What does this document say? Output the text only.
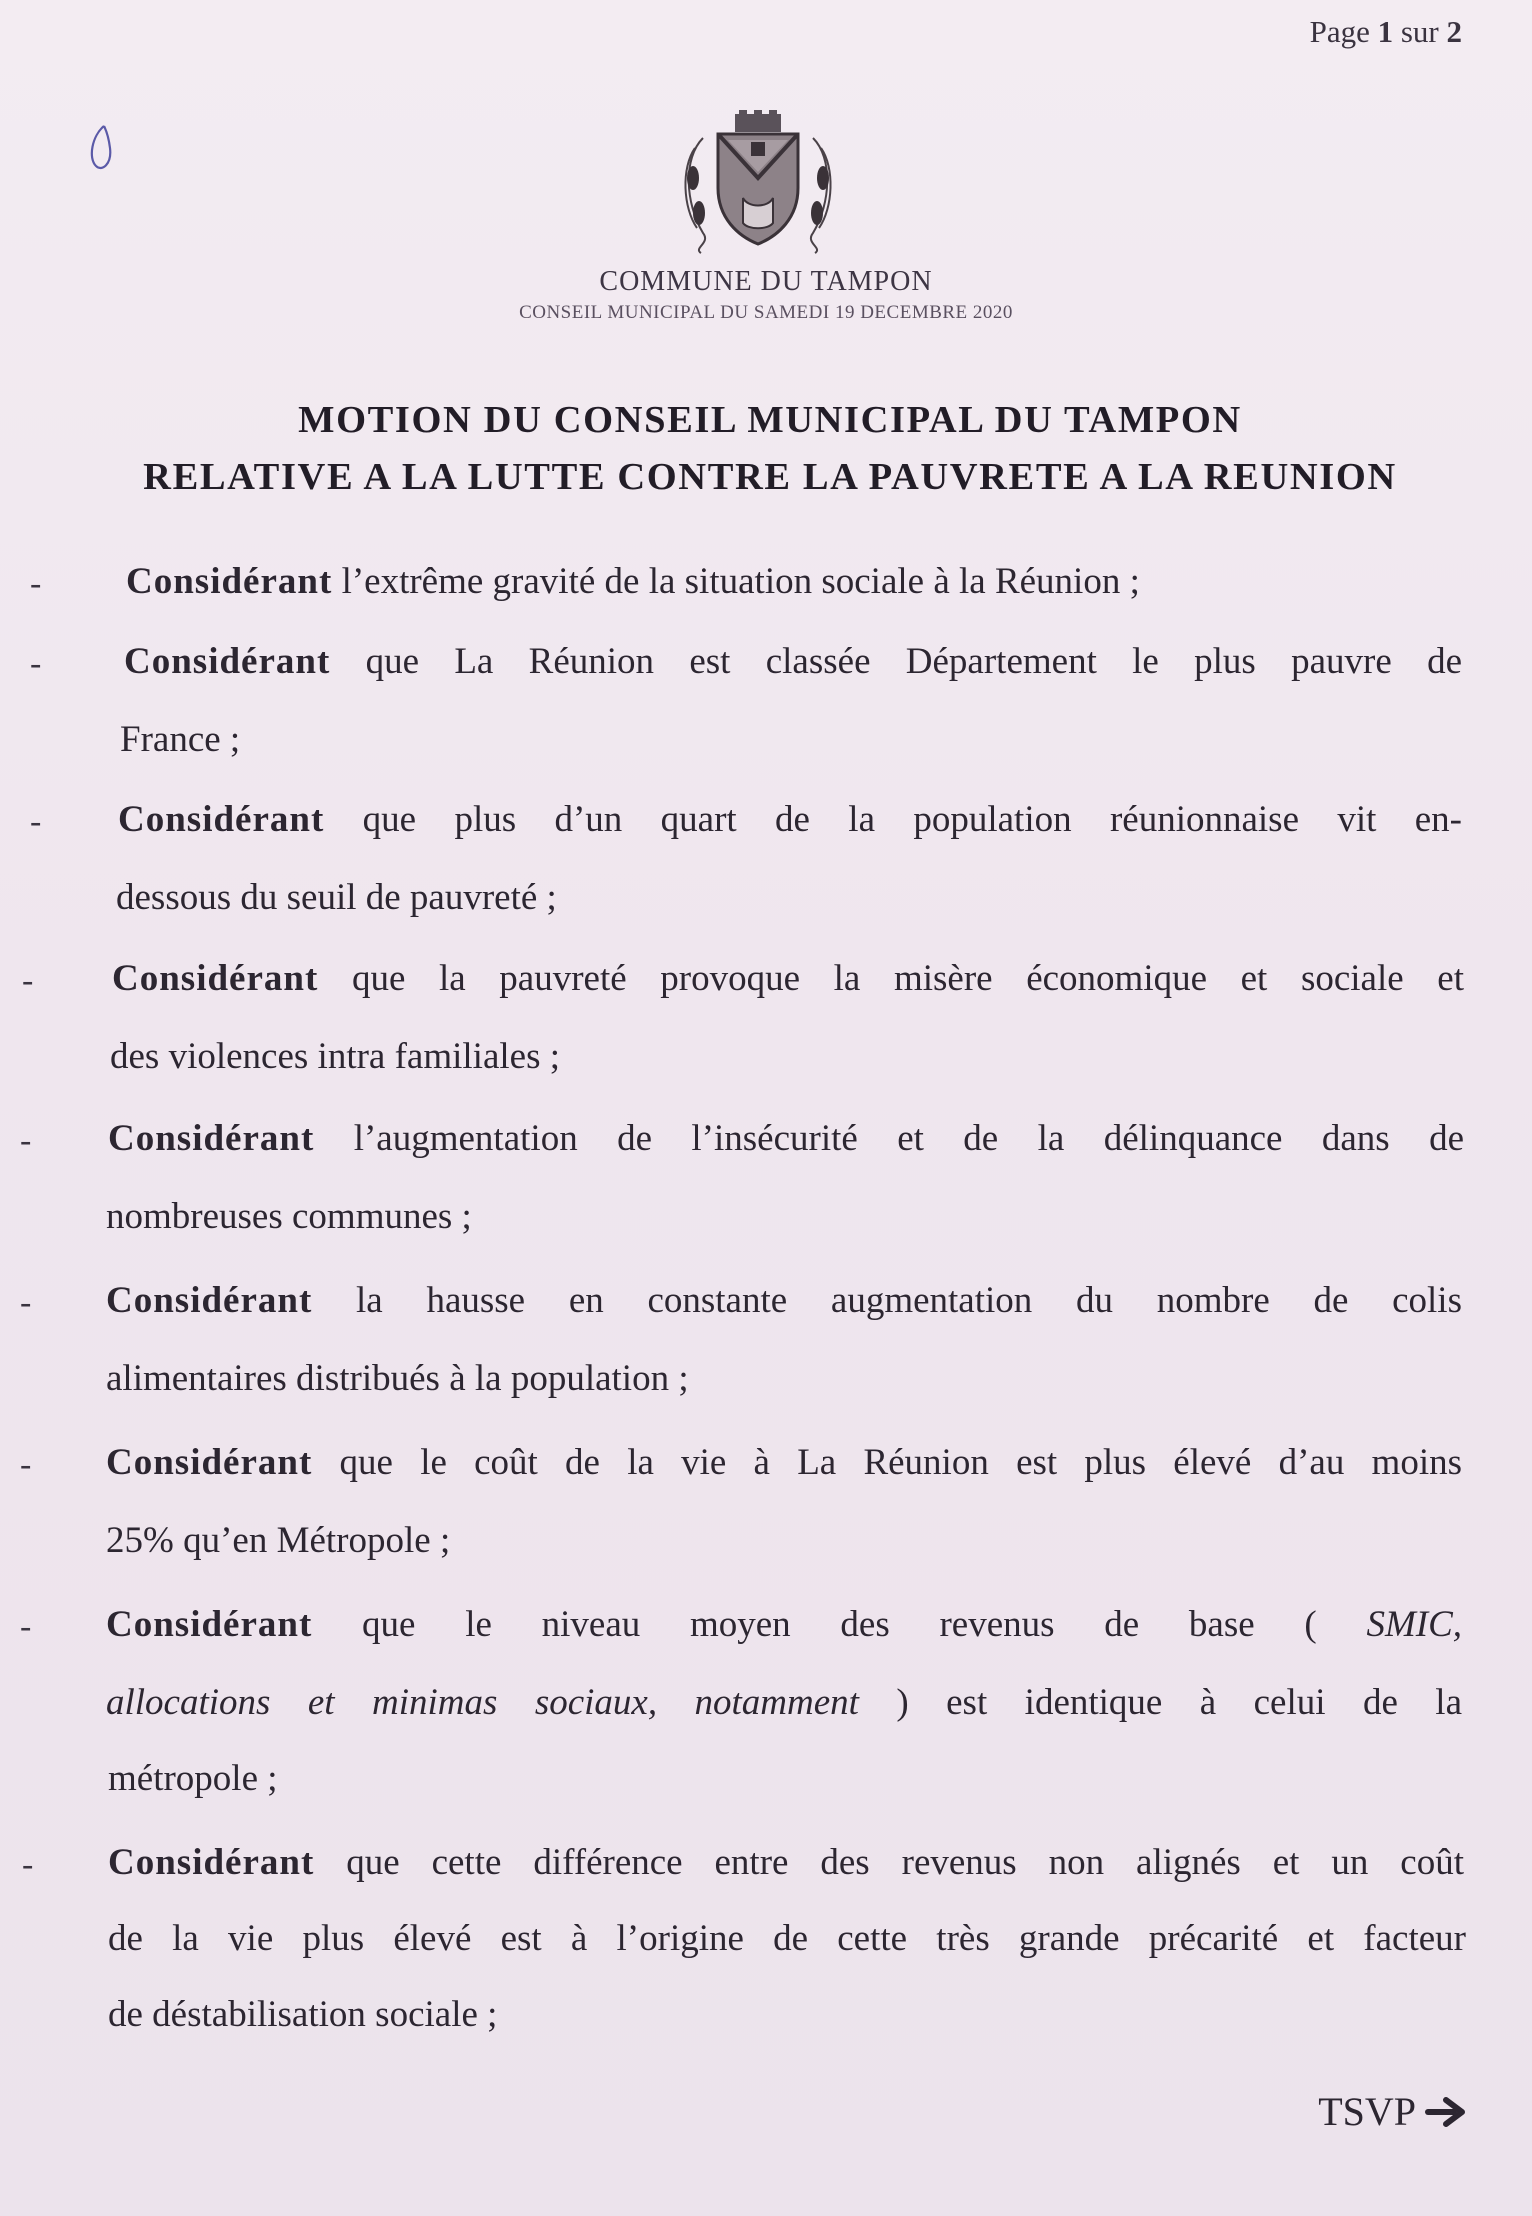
Page 1 sur 2
COMMUNE DU TAMPON
CONSEIL MUNICIPAL DU SAMEDI 19 DECEMBRE 2020
MOTION DU CONSEIL MUNICIPAL DU TAMPON
RELATIVE A LA LUTTE CONTRE LA PAUVRETE A LA REUNION
- Considérant l’extrême gravité de la situation sociale à la Réunion ;
- Considérant que La Réunion est classée Département le plus pauvre de
France ;
- Considérant que plus d’un quart de la population réunionnaise vit en-
dessous du seuil de pauvreté ;
- Considérant que la pauvreté provoque la misère économique et sociale et
des violences intra familiales ;
- Considérant l’augmentation de l’insécurité et de la délinquance dans de
nombreuses communes ;
- Considérant la hausse en constante augmentation du nombre de colis
alimentaires distribués à la population ;
- Considérant que le coût de la vie à La Réunion est plus élevé d’au moins
25% qu’en Métropole ;
- Considérant que le niveau moyen des revenus de base ( SMIC,
allocations et minimas sociaux, notamment ) est identique à celui de la
métropole ;
- Considérant que cette différence entre des revenus non alignés et un coût
de la vie plus élevé est à l’origine de cette très grande précarité et facteur
de déstabilisation sociale ;
TSVP
